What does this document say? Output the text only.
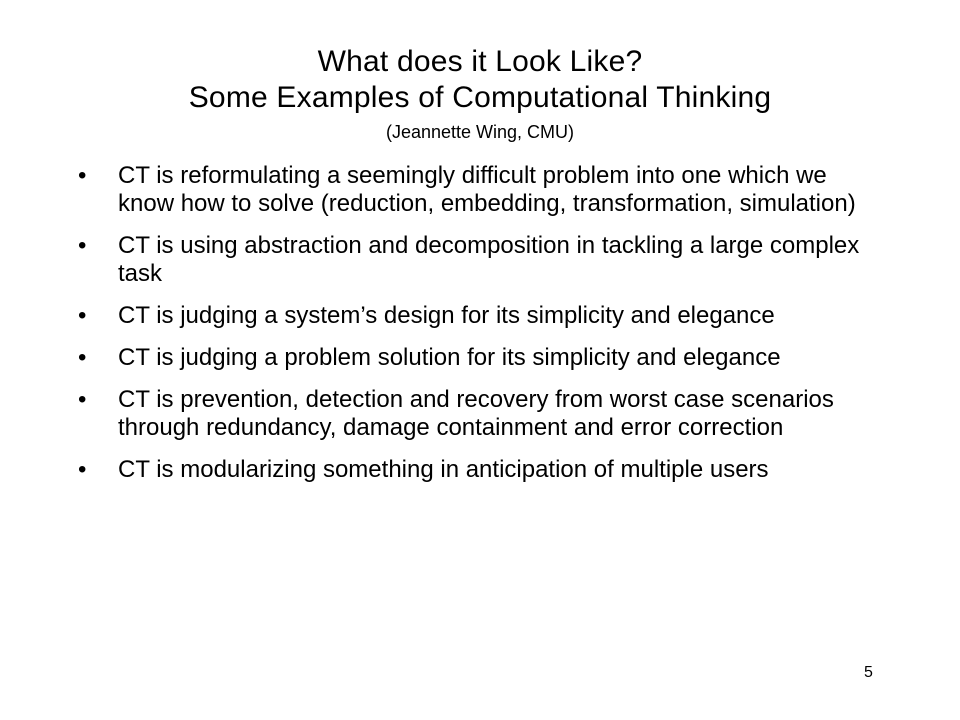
What does it Look Like?
Some Examples of Computational Thinking
(Jeannette Wing, CMU)
•	CT is reformulating a seemingly difficult problem into one which we know how to solve (reduction, embedding, transformation, simulation)
•	CT is using abstraction and decomposition in tackling a large complex task
•	CT is judging a system’s design for its simplicity and elegance
•	CT is judging a problem solution for its simplicity and elegance
•	CT is prevention, detection and recovery from worst case scenarios through redundancy, damage containment and error correction
•	CT is modularizing something in anticipation of multiple users
5
